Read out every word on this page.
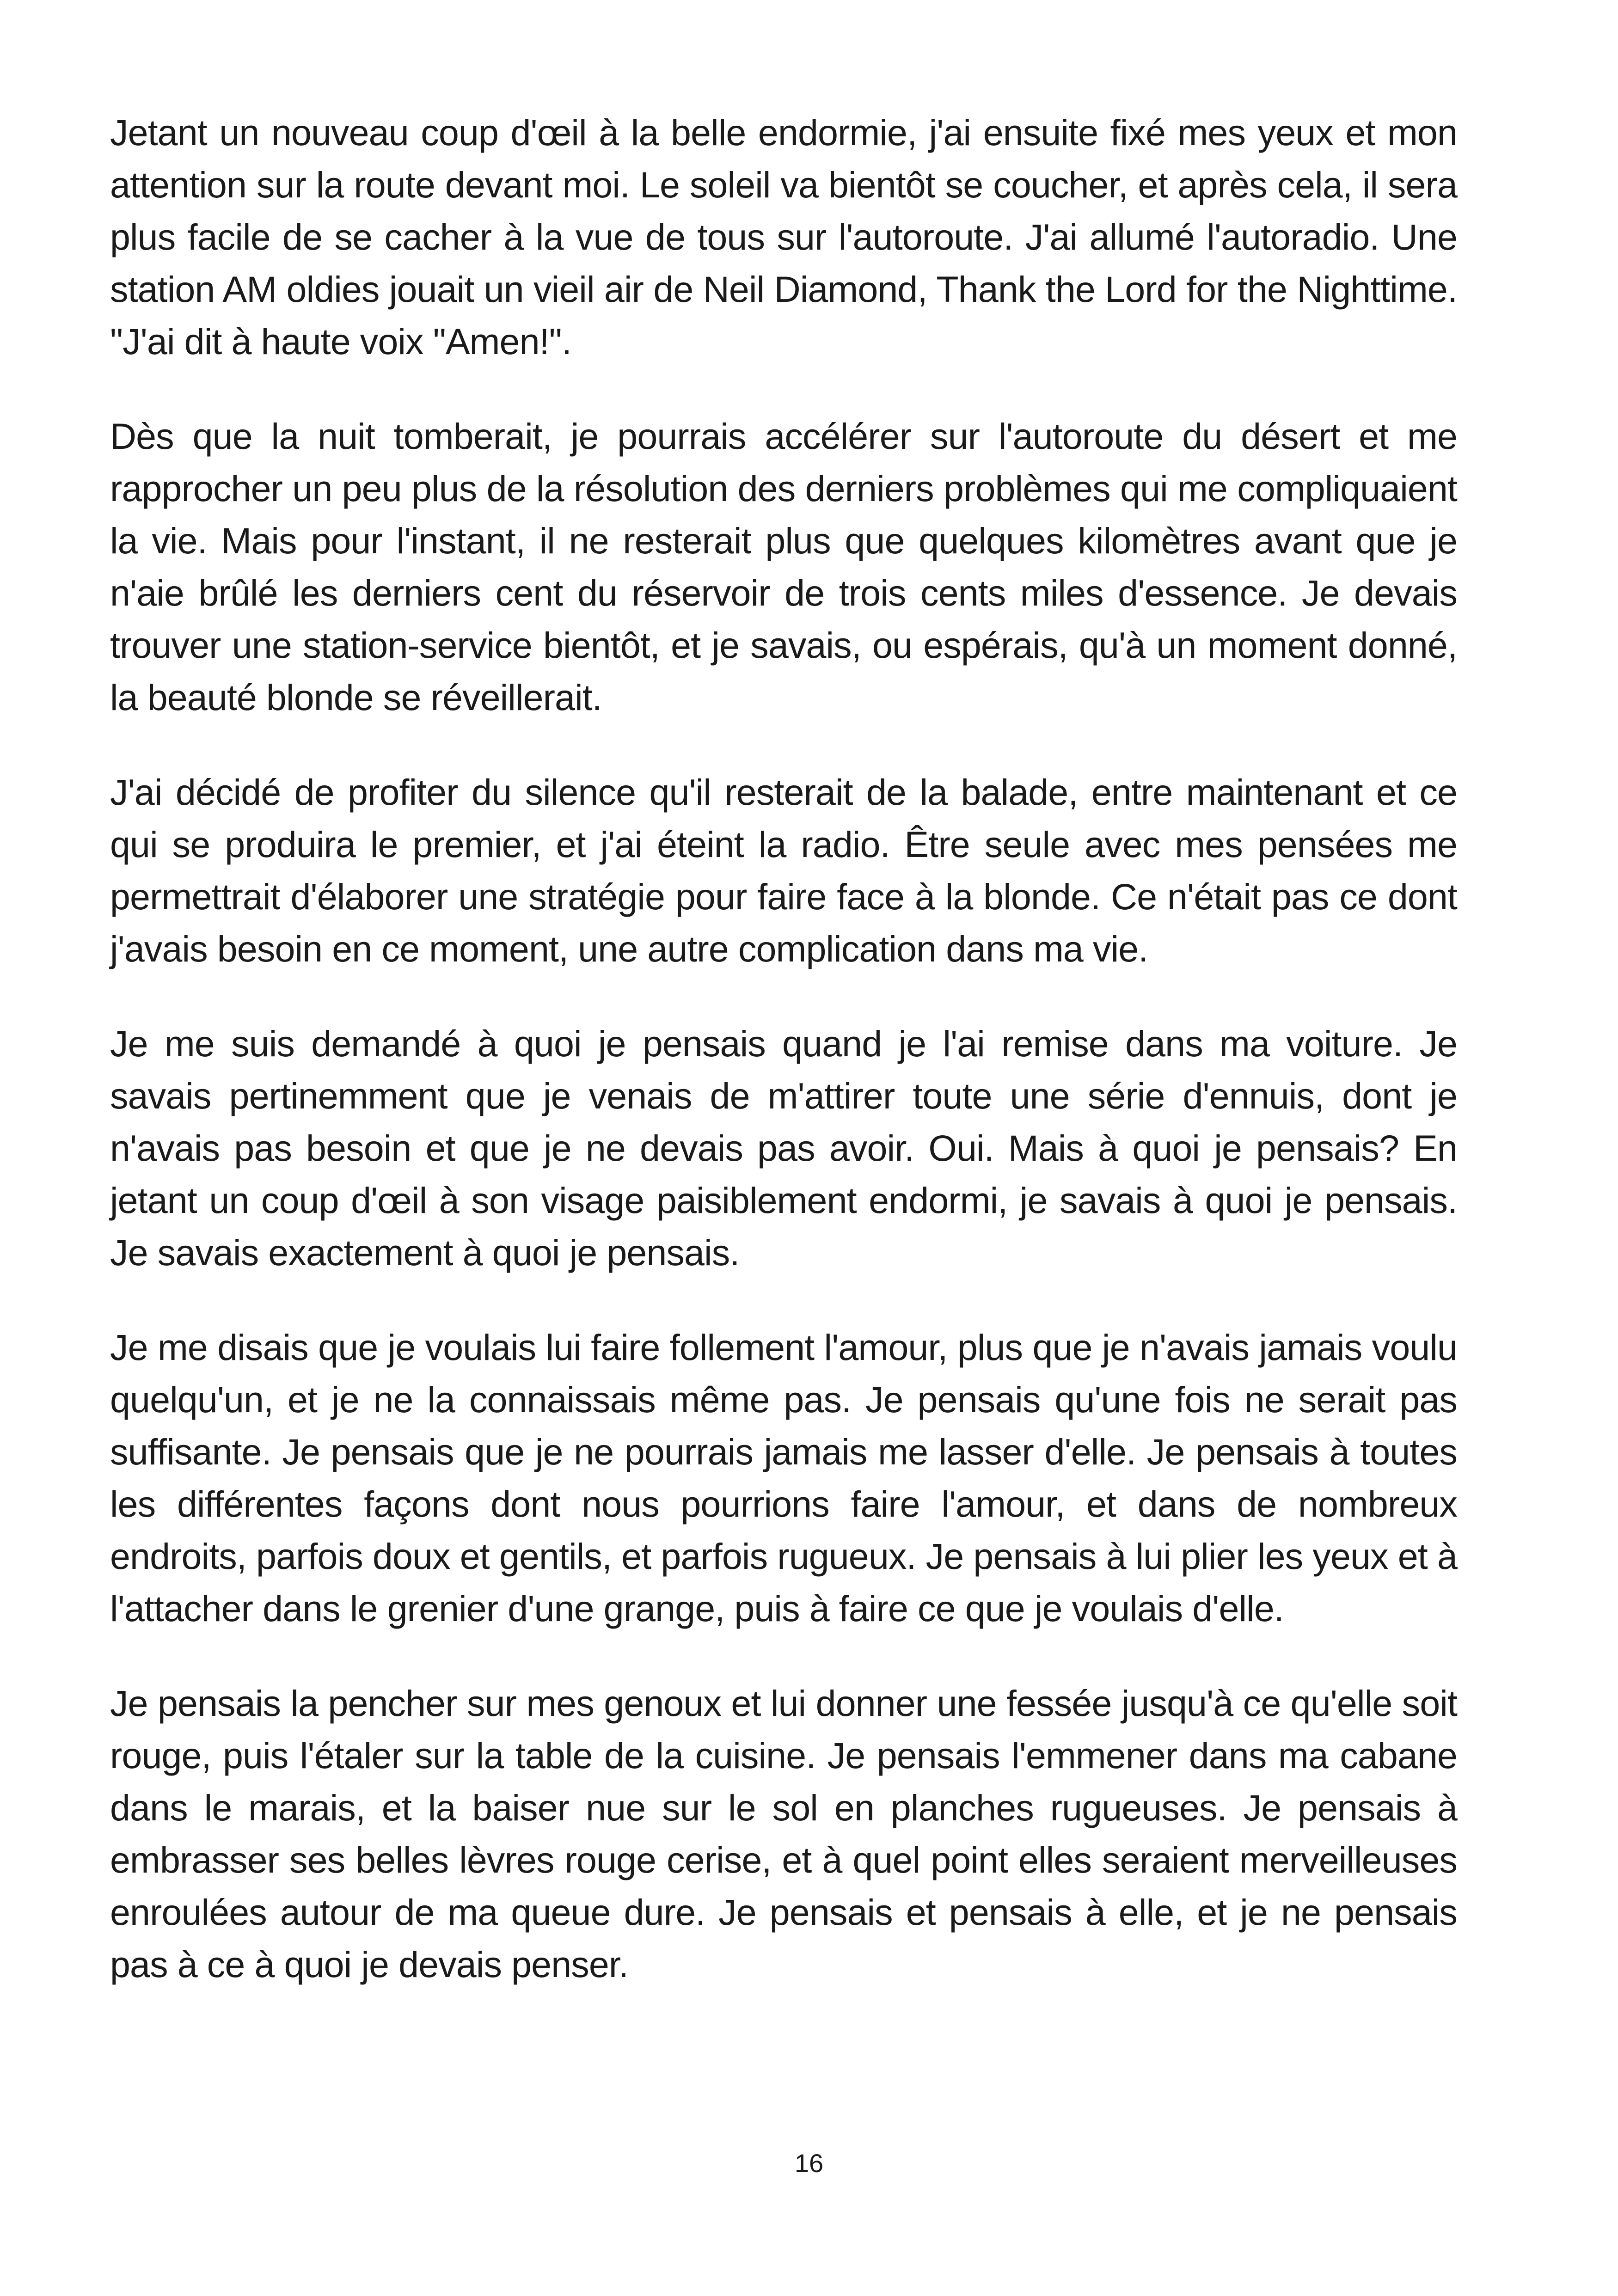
Jetant un nouveau coup d'œil à la belle endormie, j'ai ensuite fixé mes yeux et mon attention sur la route devant moi. Le soleil va bientôt se coucher, et après cela, il sera plus facile de se cacher à la vue de tous sur l'autoroute. J'ai allumé l'autoradio. Une station AM oldies jouait un vieil air de Neil Diamond, Thank the Lord for the Nighttime. "J'ai dit à haute voix "Amen!".

Dès que la nuit tomberait, je pourrais accélérer sur l'autoroute du désert et me rapprocher un peu plus de la résolution des derniers problèmes qui me compliquaient la vie. Mais pour l'instant, il ne resterait plus que quelques kilomètres avant que je n'aie brûlé les derniers cent du réservoir de trois cents miles d'essence. Je devais trouver une station-service bientôt, et je savais, ou espérais, qu'à un moment donné, la beauté blonde se réveillerait.

J'ai décidé de profiter du silence qu'il resterait de la balade, entre maintenant et ce qui se produira le premier, et j'ai éteint la radio. Être seule avec mes pensées me permettrait d'élaborer une stratégie pour faire face à la blonde. Ce n'était pas ce dont j'avais besoin en ce moment, une autre complication dans ma vie.

Je me suis demandé à quoi je pensais quand je l'ai remise dans ma voiture. Je savais pertinemment que je venais de m'attirer toute une série d'ennuis, dont je n'avais pas besoin et que je ne devais pas avoir. Oui. Mais à quoi je pensais? En jetant un coup d'œil à son visage paisiblement endormi, je savais à quoi je pensais. Je savais exactement à quoi je pensais.

Je me disais que je voulais lui faire follement l'amour, plus que je n'avais jamais voulu quelqu'un, et je ne la connaissais même pas. Je pensais qu'une fois ne serait pas suffisante. Je pensais que je ne pourrais jamais me lasser d'elle. Je pensais à toutes les différentes façons dont nous pourrions faire l'amour, et dans de nombreux endroits, parfois doux et gentils, et parfois rugueux. Je pensais à lui plier les yeux et à l'attacher dans le grenier d'une grange, puis à faire ce que je voulais d'elle.

Je pensais la pencher sur mes genoux et lui donner une fessée jusqu'à ce qu'elle soit rouge, puis l'étaler sur la table de la cuisine. Je pensais l'emmener dans ma cabane dans le marais, et la baiser nue sur le sol en planches rugueuses. Je pensais à embrasser ses belles lèvres rouge cerise, et à quel point elles seraient merveilleuses enroulées autour de ma queue dure. Je pensais et pensais à elle, et je ne pensais pas à ce à quoi je devais penser.

16
